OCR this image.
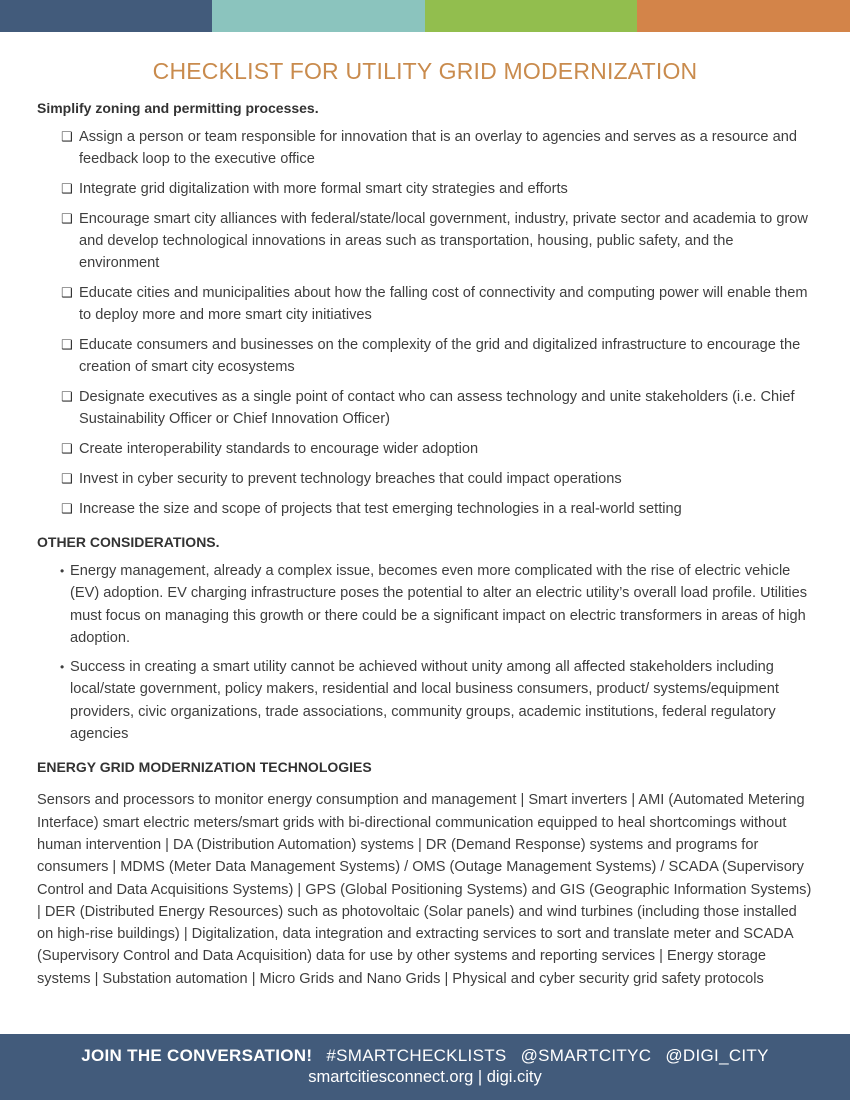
CHECKLIST FOR UTILITY GRID MODERNIZATION
Simplify zoning and permitting processes.
❑ Assign a person or team responsible for innovation that is an overlay to agencies and serves as a resource and feedback loop to the executive office
❑ Integrate grid digitalization with more formal smart city strategies and efforts
❑ Encourage smart city alliances with federal/state/local government, industry, private sector and academia to grow and develop technological innovations in areas such as transportation, housing, public safety, and the environment
❑ Educate cities and municipalities about how the falling cost of connectivity and computing power will enable them to deploy more and more smart city initiatives
❑ Educate consumers and businesses on the complexity of the grid and digitalized infrastructure to encourage the creation of smart city ecosystems
❑ Designate executives as a single point of contact who can assess technology and unite stakeholders (i.e. Chief Sustainability Officer or Chief Innovation Officer)
❑ Create interoperability standards to encourage wider adoption
❑ Invest in cyber security to prevent technology breaches that could impact operations
❑ Increase the size and scope of projects that test emerging technologies in a real-world setting
OTHER CONSIDERATIONS.
• Energy management, already a complex issue, becomes even more complicated with the rise of electric vehicle (EV) adoption. EV charging infrastructure poses the potential to alter an electric utility’s overall load profile. Utilities must focus on managing this growth or there could be a significant impact on electric transformers in areas of high adoption.
• Success in creating a smart utility cannot be achieved without unity among all affected stakeholders including local/state government, policy makers, residential and local business consumers, product/ systems/equipment providers, civic organizations, trade associations, community groups, academic institutions, federal regulatory agencies
ENERGY GRID MODERNIZATION TECHNOLOGIES

Sensors and processors to monitor energy consumption and management | Smart inverters | AMI (Automated Metering Interface) smart electric meters/smart grids with bi-directional communication equipped to heal shortcomings without human intervention | DA (Distribution Automation) systems | DR (Demand Response) systems and programs for consumers | MDMS (Meter Data Management Systems) / OMS (Outage Management Systems) / SCADA (Supervisory Control and Data Acquisitions Systems) | GPS (Global Positioning Systems) and GIS (Geographic Information Systems) | DER (Distributed Energy Resources) such as photovoltaic (Solar panels) and wind turbines (including those installed on high-rise buildings) | Digitalization, data integration and extracting services to sort and translate meter and SCADA (Supervisory Control and Data Acquisition) data for use by other systems and reporting services | Energy storage systems | Substation automation | Micro Grids and Nano Grids | Physical and cyber security grid safety protocols

JOIN THE CONVERSATION! #SMARTCHECKLISTS @SMARTCITYC @DIGI_CITY
smartcitiesconnect.org | digi.city
